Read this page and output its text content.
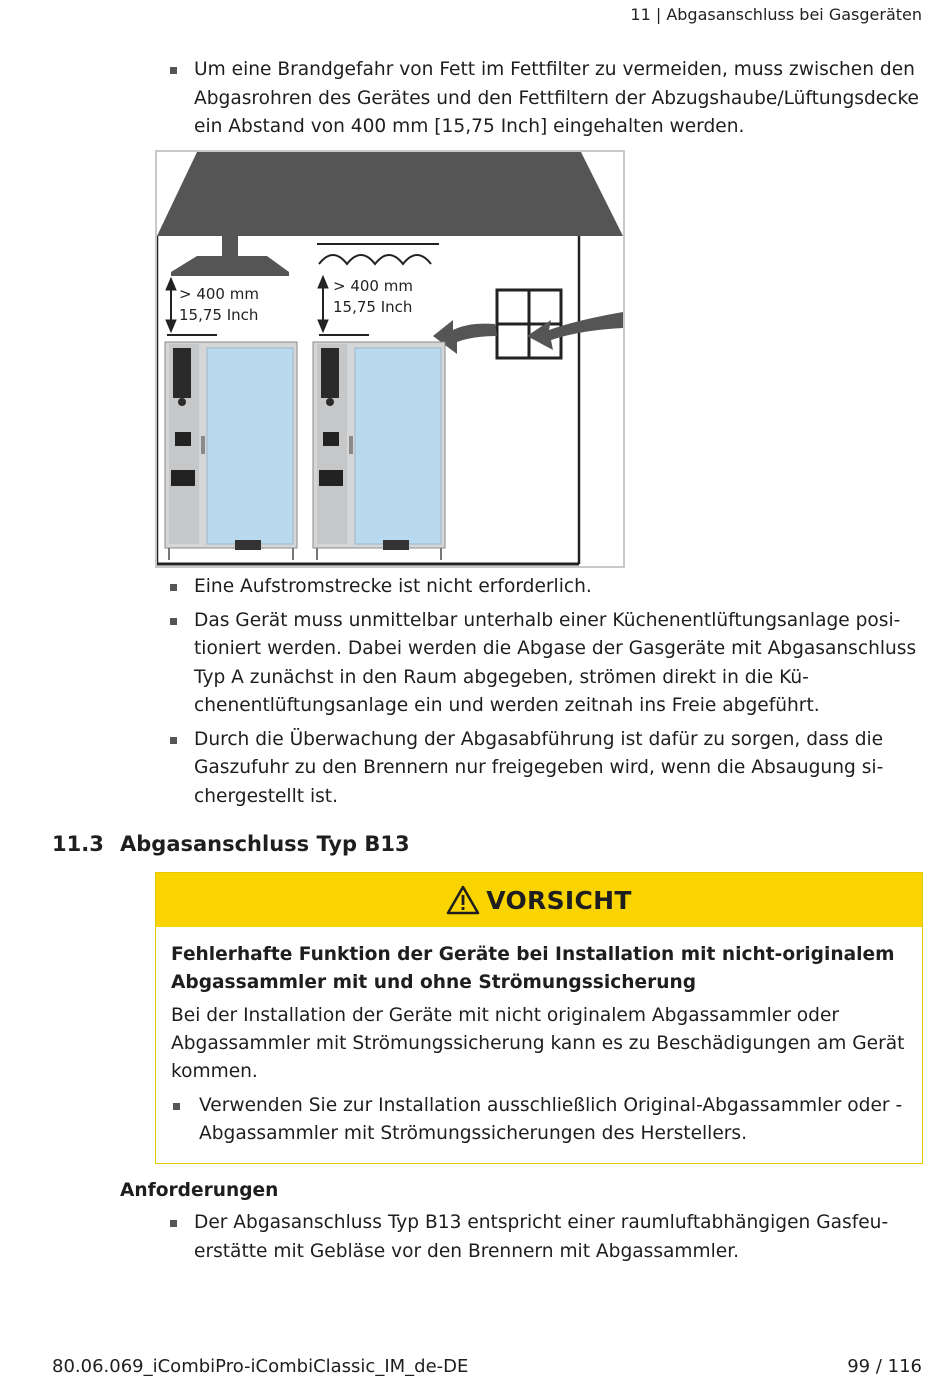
11 | Abgasanschluss bei Gasgeräten
Um eine Brandgefahr von Fett im Fettfilter zu vermeiden, muss zwischen den Abgasrohren des Gerätes und den Fettfiltern der Abzugshaube/Lüftungsdecke ein Abstand von 400 mm [15,75 Inch] eingehalten werden.
> 400 mm
15,75 Inch
> 400 mm
15,75 Inch
Eine Aufstromstrecke ist nicht erforderlich.
Das Gerät muss unmittelbar unterhalb einer Küchenentlüftungsanlage positioniert werden. Dabei werden die Abgase der Gasgeräte mit Abgasanschluss Typ A zunächst in den Raum abgegeben, strömen direkt in die Küchenentlüftungsanlage ein und werden zeitnah ins Freie abgeführt.
Durch die Überwachung der Abgasabführung ist dafür zu sorgen, dass die Gaszufuhr zu den Brennern nur freigegeben wird, wenn die Absaugung sichergestellt ist.
11.3 Abgasanschluss Typ B13
VORSICHT

Fehlerhafte Funktion der Geräte bei Installation mit nicht-originalem Abgassammler mit und ohne Strömungssicherung

Bei der Installation der Geräte mit nicht originalem Abgassammler oder Abgassammler mit Strömungssicherung kann es zu Beschädigungen am Gerät kommen.

Verwenden Sie zur Installation ausschließlich Original-Abgassammler oder -Abgassammler mit Strömungssicherungen des Herstellers.
Anforderungen
Der Abgasanschluss Typ B13 entspricht einer raumluftabhängigen Gasfeuerstätte mit Gebläse vor den Brennern mit Abgassammler.
80.06.069_iCombiPro-iCombiClassic_IM_de-DE	99 / 116
